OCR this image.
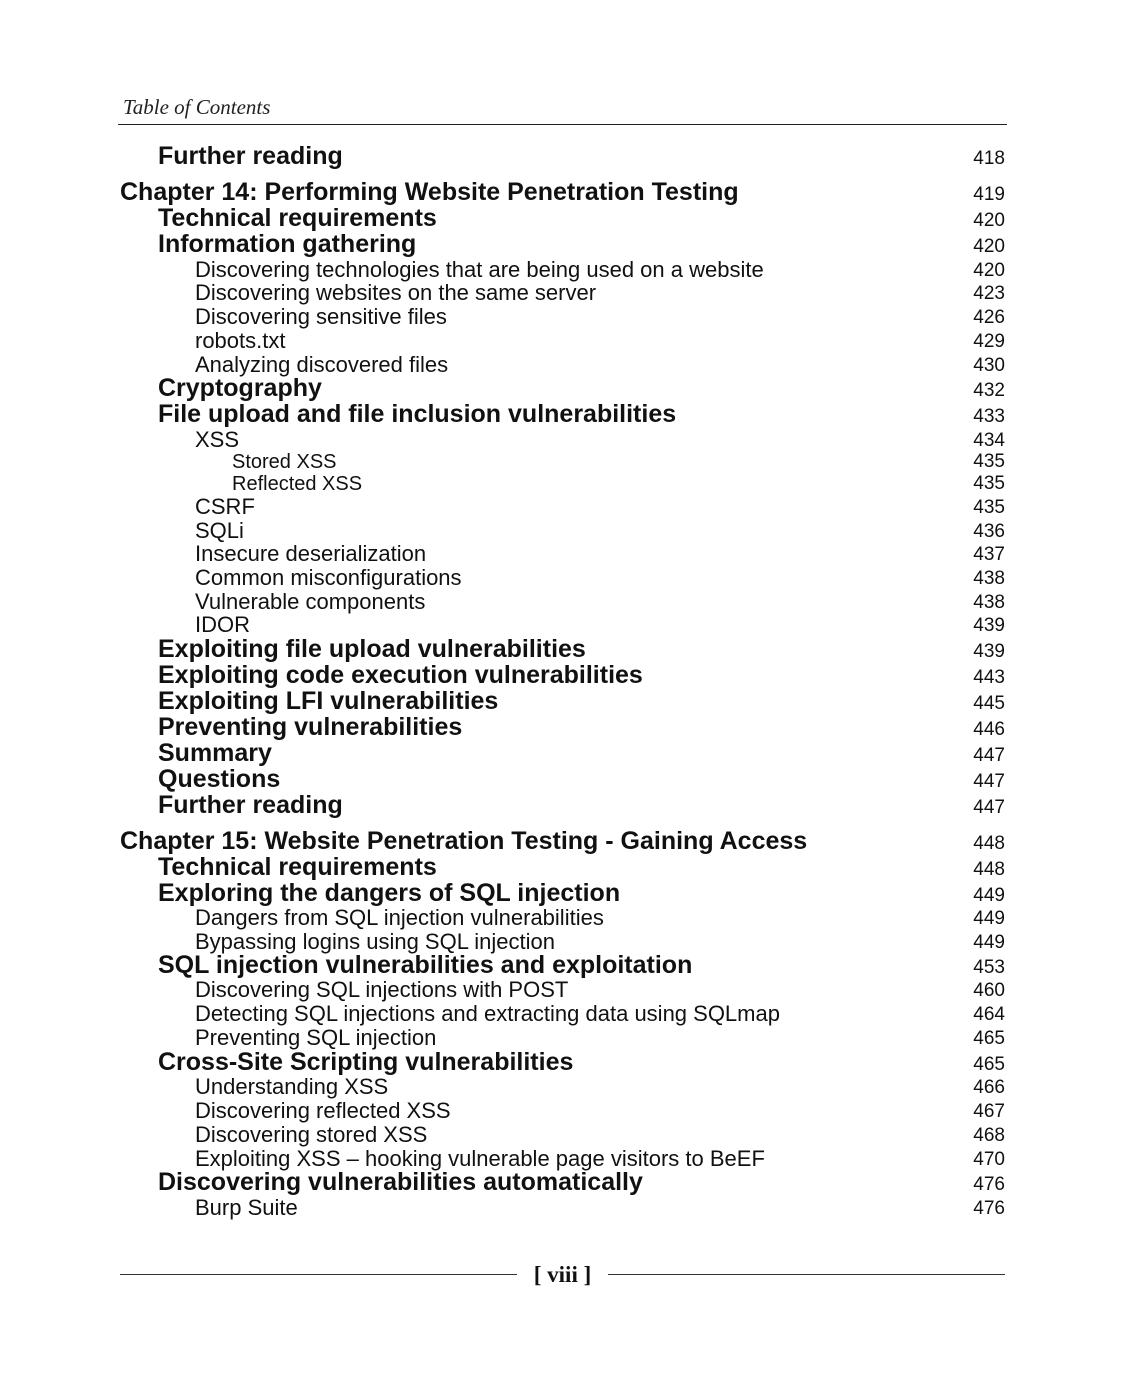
Table of Contents
Further reading	418
Chapter 14: Performing Website Penetration Testing	419
Technical requirements	420
Information gathering	420
Discovering technologies that are being used on a website	420
Discovering websites on the same server	423
Discovering sensitive files	426
robots.txt	429
Analyzing discovered files	430
Cryptography	432
File upload and file inclusion vulnerabilities	433
XSS	434
Stored XSS	435
Reflected XSS	435
CSRF	435
SQLi	436
Insecure deserialization	437
Common misconfigurations	438
Vulnerable components	438
IDOR	439
Exploiting file upload vulnerabilities	439
Exploiting code execution vulnerabilities	443
Exploiting LFI vulnerabilities	445
Preventing vulnerabilities	446
Summary	447
Questions	447
Further reading	447
Chapter 15: Website Penetration Testing - Gaining Access	448
Technical requirements	448
Exploring the dangers of SQL injection	449
Dangers from SQL injection vulnerabilities	449
Bypassing logins using SQL injection	449
SQL injection vulnerabilities and exploitation	453
Discovering SQL injections with POST	460
Detecting SQL injections and extracting data using SQLmap	464
Preventing SQL injection	465
Cross-Site Scripting vulnerabilities	465
Understanding XSS	466
Discovering reflected XSS	467
Discovering stored XSS	468
Exploiting XSS – hooking vulnerable page visitors to BeEF	470
Discovering vulnerabilities automatically	476
Burp Suite	476
[ viii ]
